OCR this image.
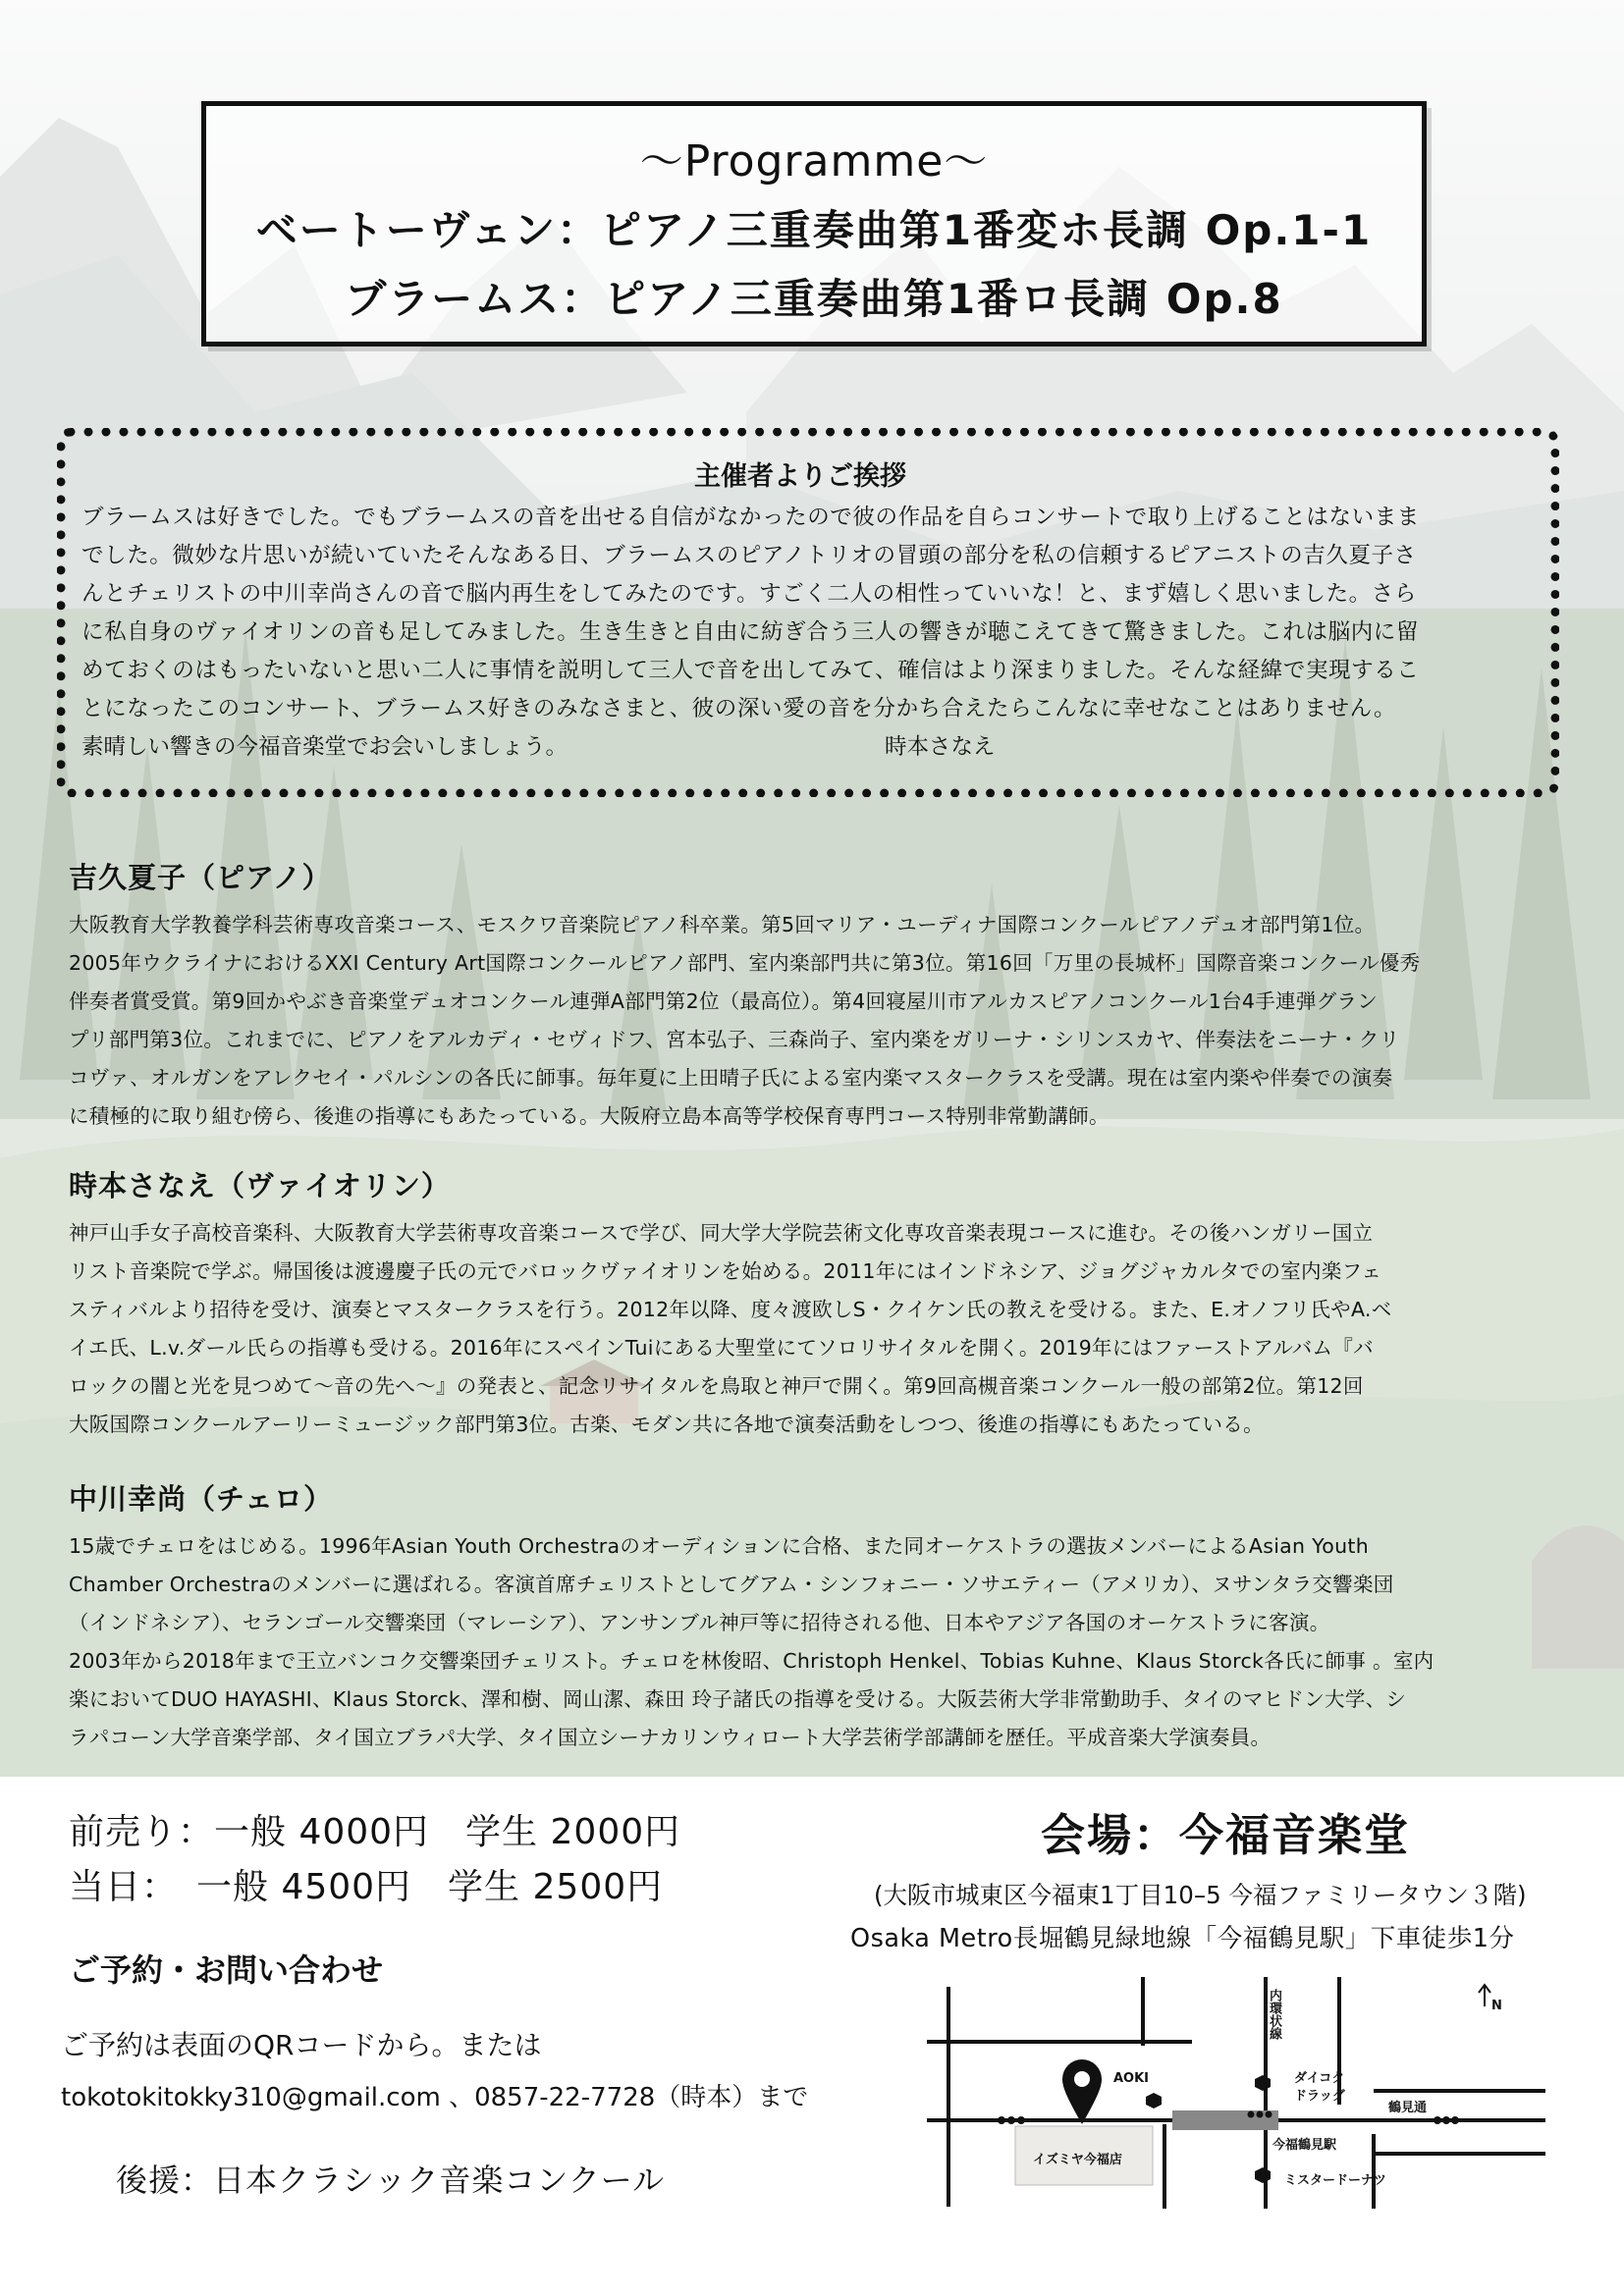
～Programme～
ベートーヴェン：ピアノ三重奏曲第1番変ホ長調 Op.1-1
ブラームス：ピアノ三重奏曲第1番ロ長調 Op.8
主催者よりご挨拶

ブラームスは好きでした。でもブラームスの音を出せる自信がなかったので彼の作品を自らコンサートで取り上げることはないまま

でした。微妙な片思いが続いていたそんなある日、ブラームスのピアノトリオの冒頭の部分を私の信頼するピアニストの吉久夏子さ

んとチェリストの中川幸尚さんの音で脳内再生をしてみたのです。すごく二人の相性っていいな！と、まず嬉しく思いました。さら

に私自身のヴァイオリンの音も足してみました。生き生きと自由に紡ぎ合う三人の響きが聴こえてきて驚きました。これは脳内に留

めておくのはもったいないと思い二人に事情を説明して三人で音を出してみて、確信はより深まりました。そんな経緯で実現するこ

とになったこのコンサート、ブラームス好きのみなさまと、彼の深い愛の音を分かち合えたらこんなに幸せなことはありません。

素晴しい響きの今福音楽堂でお会いしましょう。	時本さなえ
吉久夏子（ピアノ）

大阪教育大学教養学科芸術専攻音楽コース、モスクワ音楽院ピアノ科卒業。第5回マリア・ユーディナ国際コンクールピアノデュオ部門第1位。

2005年ウクライナにおけるXXI Century Art国際コンクールピアノ部門、室内楽部門共に第3位。第16回「万里の長城杯」国際音楽コンクール優秀

伴奏者賞受賞。第9回かやぶき音楽堂デュオコンクール連弾A部門第2位（最高位）。第4回寝屋川市アルカスピアノコンクール1台4手連弾グラン

プリ部門第3位。これまでに、ピアノをアルカディ・セヴィドフ、宮本弘子、三森尚子、室内楽をガリーナ・シリンスカヤ、伴奏法をニーナ・クリ

コヴァ、オルガンをアレクセイ・パルシンの各氏に師事。毎年夏に上田晴子氏による室内楽マスタークラスを受講。現在は室内楽や伴奏での演奏

に積極的に取り組む傍ら、後進の指導にもあたっている。大阪府立島本高等学校保育専門コース特別非常勤講師。

時本さなえ（ヴァイオリン）

神戸山手女子高校音楽科、大阪教育大学芸術専攻音楽コースで学び、同大学大学院芸術文化専攻音楽表現コースに進む。その後ハンガリー国立

リスト音楽院で学ぶ。帰国後は渡邊慶子氏の元でバロックヴァイオリンを始める。2011年にはインドネシア、ジョグジャカルタでの室内楽フェ

スティバルより招待を受け、演奏とマスタークラスを行う。2012年以降、度々渡欧しS・クイケン氏の教えを受ける。また、E.オノフリ氏やA.ベ

イエ氏、L.v.ダール氏らの指導も受ける。2016年にスペインTuiにある大聖堂にてソロリサイタルを開く。2019年にはファーストアルバム『バ

ロックの闇と光を見つめて〜音の先へ〜』の発表と、記念リサイタルを鳥取と神戸で開く。第9回高槻音楽コンクール一般の部第2位。第12回

大阪国際コンクールアーリーミュージック部門第3位。古楽、モダン共に各地で演奏活動をしつつ、後進の指導にもあたっている。

中川幸尚（チェロ）

15歳でチェロをはじめる。1996年Asian Youth Orchestraのオーディションに合格、また同オーケストラの選抜メンバーによるAsian Youth

Chamber Orchestraのメンバーに選ばれる。客演首席チェリストとしてグアム・シンフォニー・ソサエティー（アメリカ）、ヌサンタラ交響楽団

（インドネシア）、セランゴール交響楽団（マレーシア）、アンサンブル神戸等に招待される他、日本やアジア各国のオーケストラに客演。

2003年から2018年まで王立バンコク交響楽団チェリスト。チェロを林俊昭、Christoph Henkel、Tobias Kuhne、Klaus Storck各氏に師事 。室内

楽においてDUO HAYASHI、Klaus Storck、澤和樹、岡山潔、森田 玲子諸氏の指導を受ける。大阪芸術大学非常勤助手、タイのマヒドン大学、シ

ラパコーン大学音楽学部、タイ国立ブラパ大学、タイ国立シーナカリンウィロート大学芸術学部講師を歴任。平成音楽大学演奏員。

前売り：一般 4000円　学生 2000円
当日：　一般 4500円　学生 2500円
ご予約・お問い合わせ
ご予約は表面のQRコードから。または
tokotokitokky310@gmail.com 、0857-22-7728（時本）まで
後援：日本クラシック音楽コンクール
会場：今福音楽堂
(大阪市城東区今福東1丁目10–5 今福ファミリータウン３階)
Osaka Metro長堀鶴見緑地線「今福鶴見駅」下車徒歩1分
AOKI
イズミヤ今福店
ダイコク
ドラッグ
鶴見通
今福鶴見駅
ミスタードーナツ
内環状線	N
